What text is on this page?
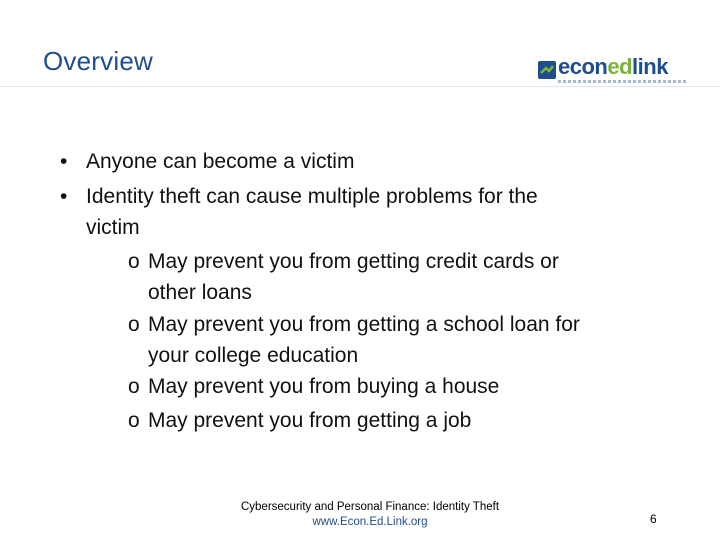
Overview	econedlink
• Anyone can become a victim
• Identity theft can cause multiple problems for the
victim
o May prevent you from getting credit cards or
other loans
o May prevent you from getting a school loan for
your college education
o May prevent you from buying a house
o May prevent you from getting a job
Cybersecurity and Personal Finance: Identity Theft
www.Econ.Ed.Link.org	6
